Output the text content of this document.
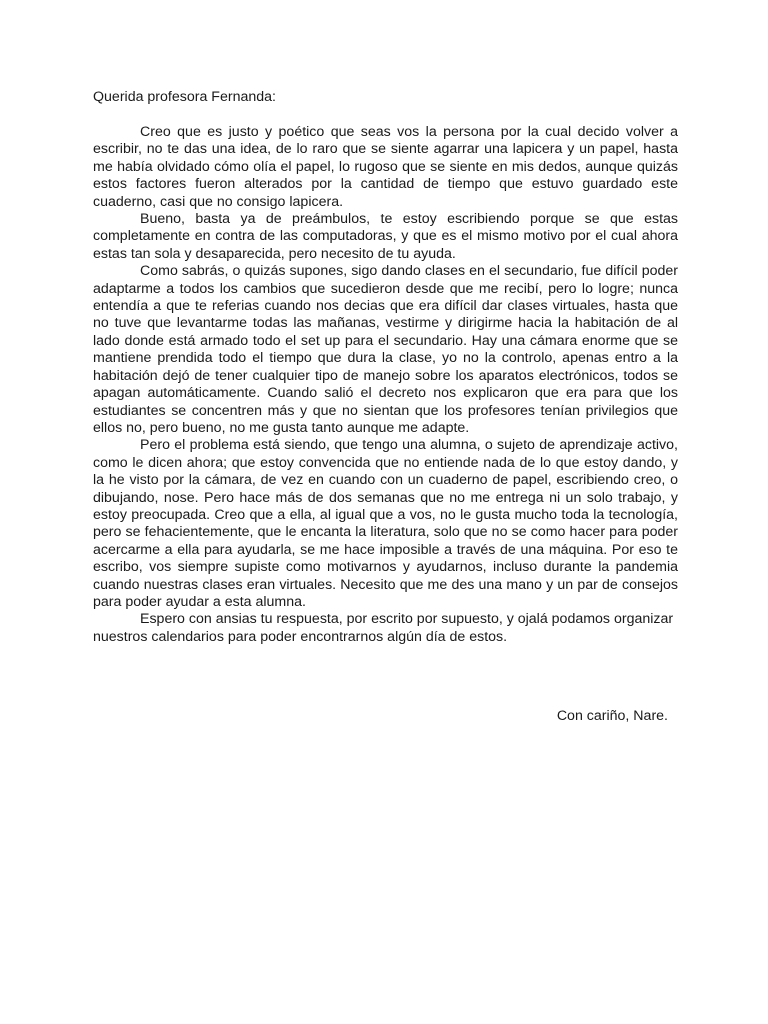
Querida profesora Fernanda:

Creo que es justo y poético que seas vos la persona por la cual decido volver a escribir, no te das una idea, de lo raro que se siente agarrar una lapicera y un papel, hasta me había olvidado cómo olía el papel, lo rugoso que se siente en mis dedos, aunque quizás estos factores fueron alterados por la cantidad de tiempo que estuvo guardado este cuaderno, casi que no consigo lapicera.

Bueno, basta ya de preámbulos, te estoy escribiendo porque se que estas completamente en contra de las computadoras, y que es el mismo motivo por el cual ahora estas tan sola y desaparecida, pero necesito de tu ayuda.

Como sabrás, o quizás supones, sigo dando clases en el secundario, fue difícil poder adaptarme a todos los cambios que sucedieron desde que me recibí, pero lo logre; nunca entendía a que te referias cuando nos decias que era difícil dar clases virtuales, hasta que no tuve que levantarme todas las mañanas, vestirme y dirigirme hacia la habitación de al lado donde está armado todo el set up para el secundario. Hay una cámara enorme que se mantiene prendida todo el tiempo que dura la clase, yo no la controlo, apenas entro a la habitación dejó de tener cualquier tipo de manejo sobre los aparatos electrónicos, todos se apagan automáticamente. Cuando salió el decreto nos explicaron que era para que los estudiantes se concentren más y que no sientan que los profesores tenían privilegios que ellos no, pero bueno, no me gusta tanto aunque me adapte.

Pero el problema está siendo, que tengo una alumna, o sujeto de aprendizaje activo, como le dicen ahora; que estoy convencida que no entiende nada de lo que estoy dando, y la he visto por la cámara, de vez en cuando con un cuaderno de papel, escribiendo creo, o dibujando, nose. Pero hace más de dos semanas que no me entrega ni un solo trabajo, y estoy preocupada. Creo que a ella, al igual que a vos, no le gusta mucho toda la tecnología, pero se fehacientemente, que le encanta la literatura, solo que no se como hacer para poder acercarme a ella para ayudarla, se me hace imposible a través de una máquina. Por eso te escribo, vos siempre supiste como motivarnos y ayudarnos, incluso durante la pandemia cuando nuestras clases eran virtuales. Necesito que me des una mano y un par de consejos para poder ayudar a esta alumna.

Espero con ansias tu respuesta, por escrito por supuesto, y ojalá podamos organizar nuestros calendarios para poder encontrarnos algún día de estos.

Con cariño, Nare.
